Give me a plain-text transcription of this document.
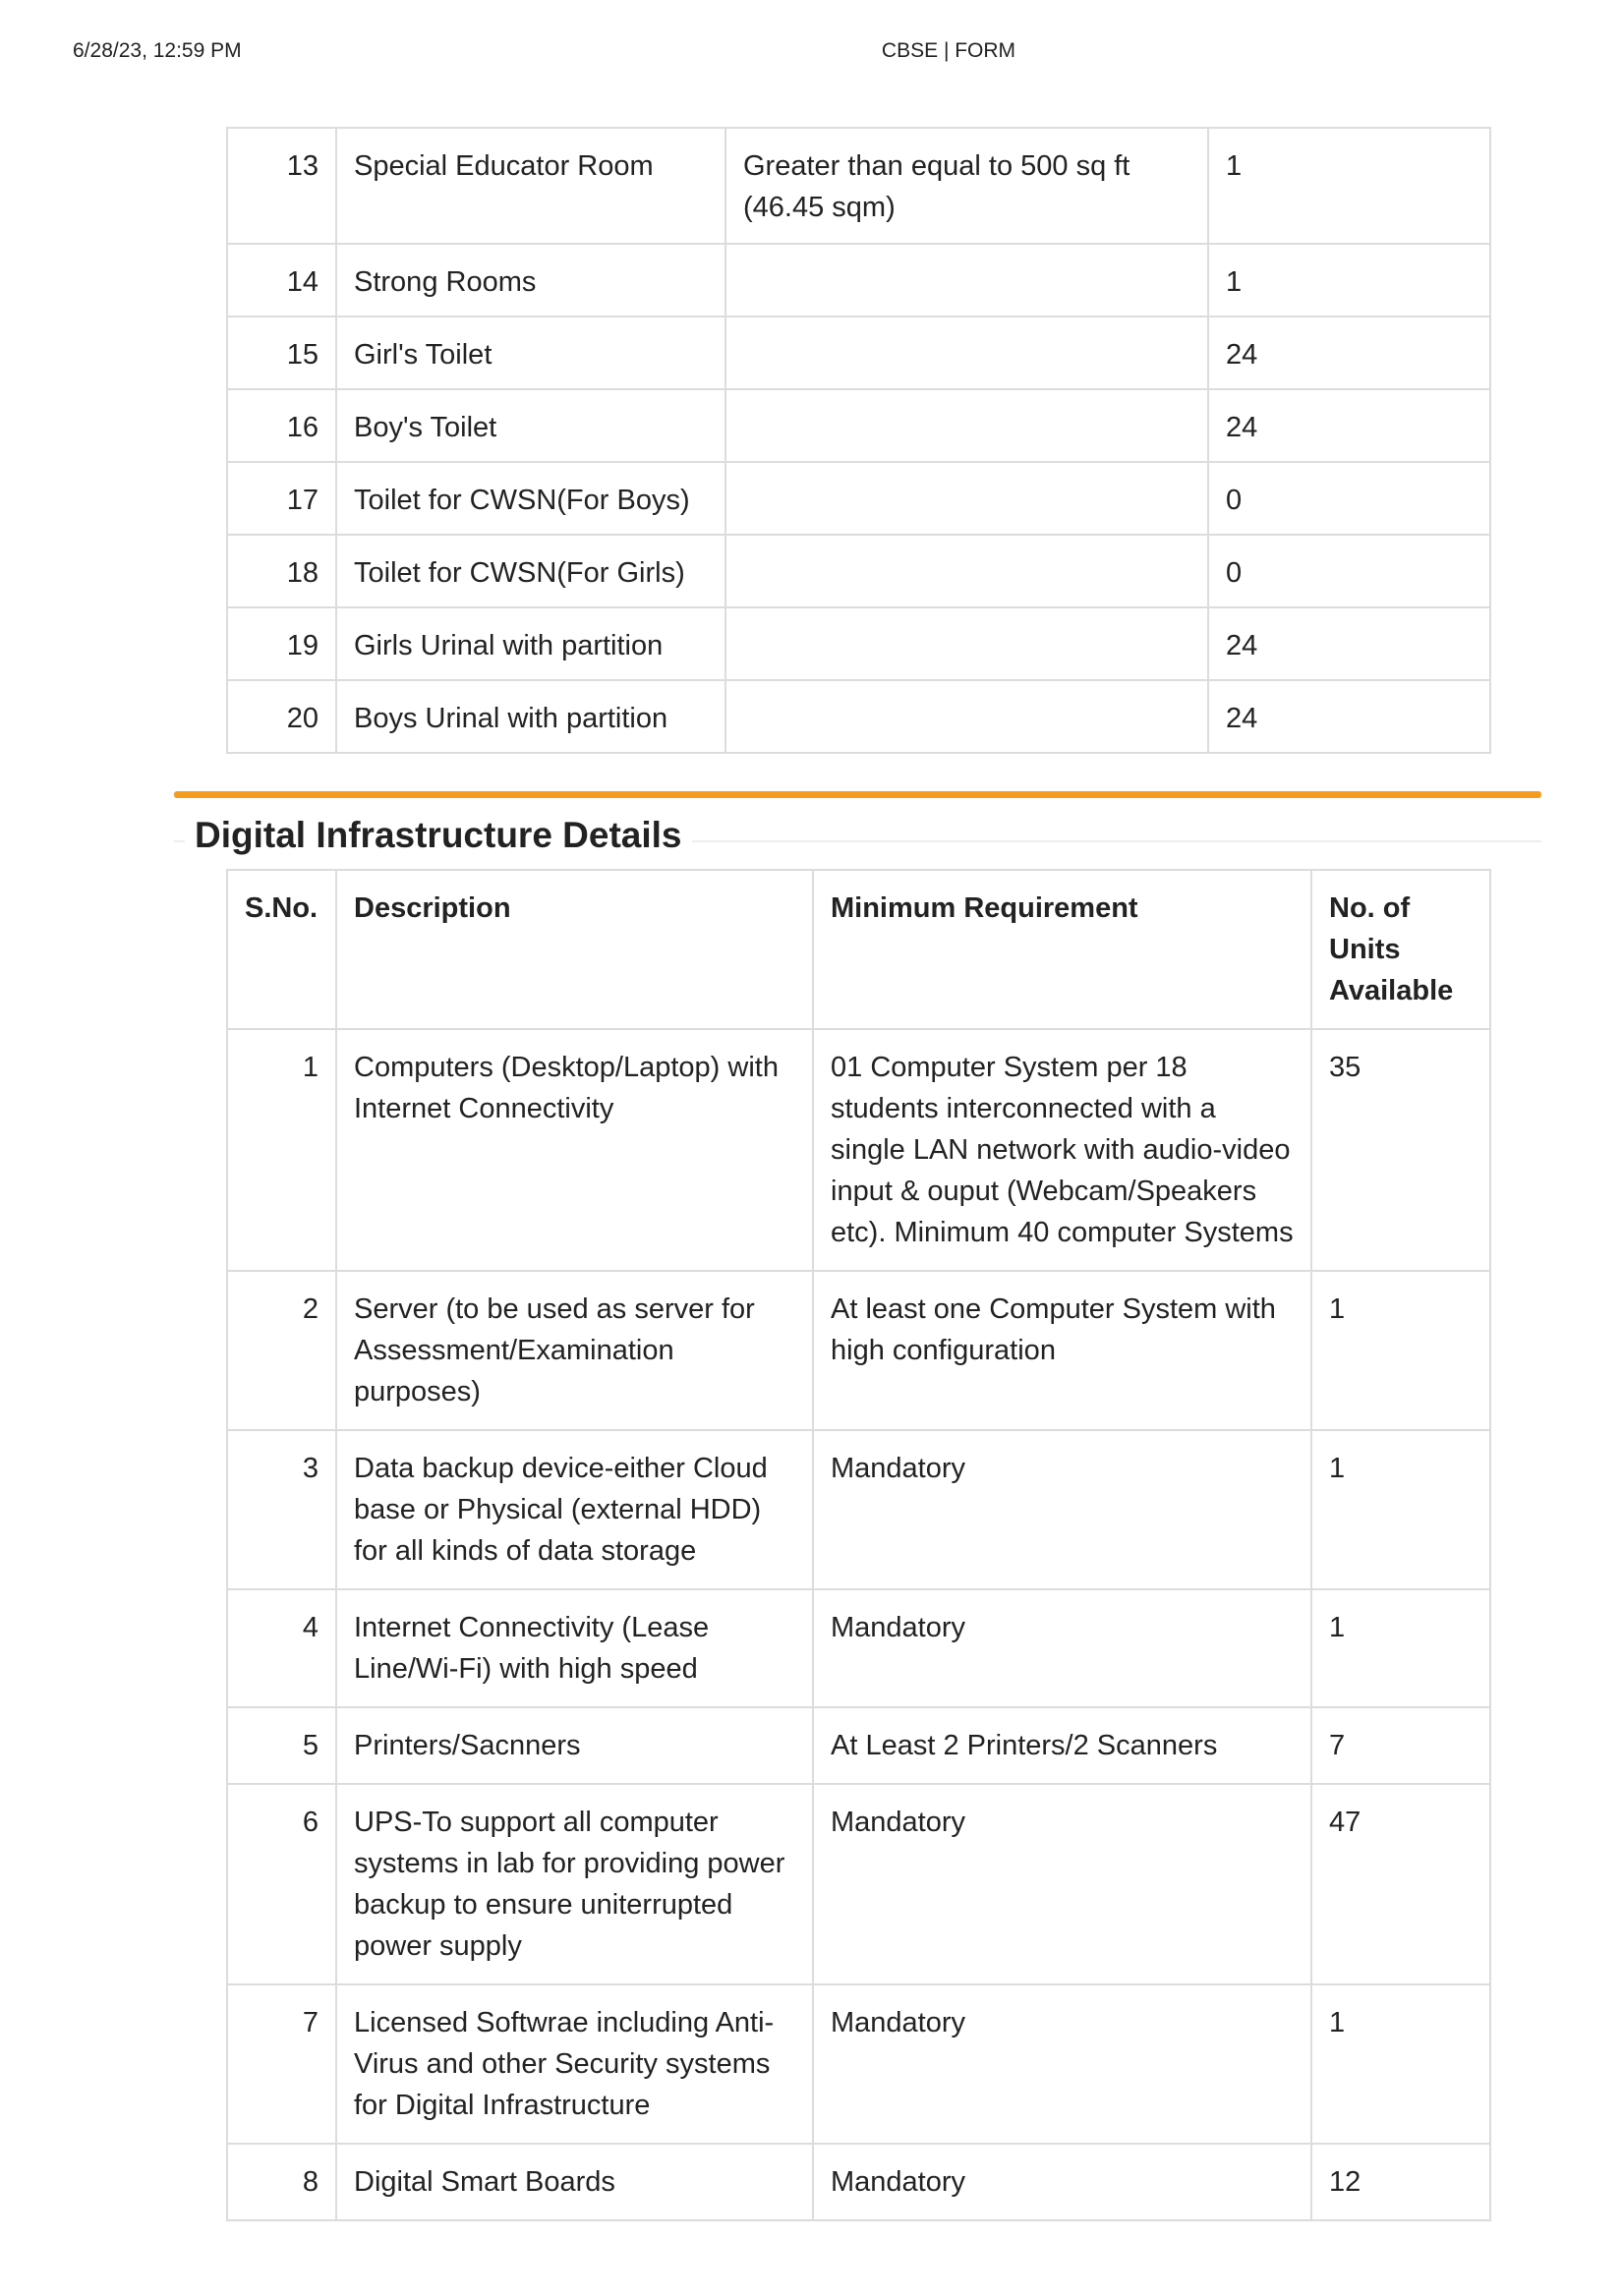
6/28/23, 12:59 PM	CBSE | FORM
13	Special Educator Room	Greater than equal to 500 sq ft (46.45 sqm)	1
14	Strong Rooms		1
15	Girl's Toilet		24
16	Boy's Toilet		24
17	Toilet for CWSN(For Boys)		0
18	Toilet for CWSN(For Girls)		0
19	Girls Urinal with partition		24
20	Boys Urinal with partition		24
Digital Infrastructure Details
S.No.	Description	Minimum Requirement	No. of Units Available
1	Computers (Desktop/Laptop) with Internet Connectivity	01 Computer System per 18 students interconnected with a single LAN network with audio-video input & ouput (Webcam/Speakers etc). Minimum 40 computer Systems	35
2	Server (to be used as server for Assessment/Examination purposes)	At least one Computer System with high configuration	1
3	Data backup device-either Cloud base or Physical (external HDD) for all kinds of data storage	Mandatory	1
4	Internet Connectivity (Lease Line/Wi-Fi) with high speed	Mandatory	1
5	Printers/Sacnners	At Least 2 Printers/2 Scanners	7
6	UPS-To support all computer systems in lab for providing power backup to ensure uniterrupted power supply	Mandatory	47
7	Licensed Softwrae including Anti-Virus and other Security systems for Digital Infrastructure	Mandatory	1
8	Digital Smart Boards	Mandatory	12
